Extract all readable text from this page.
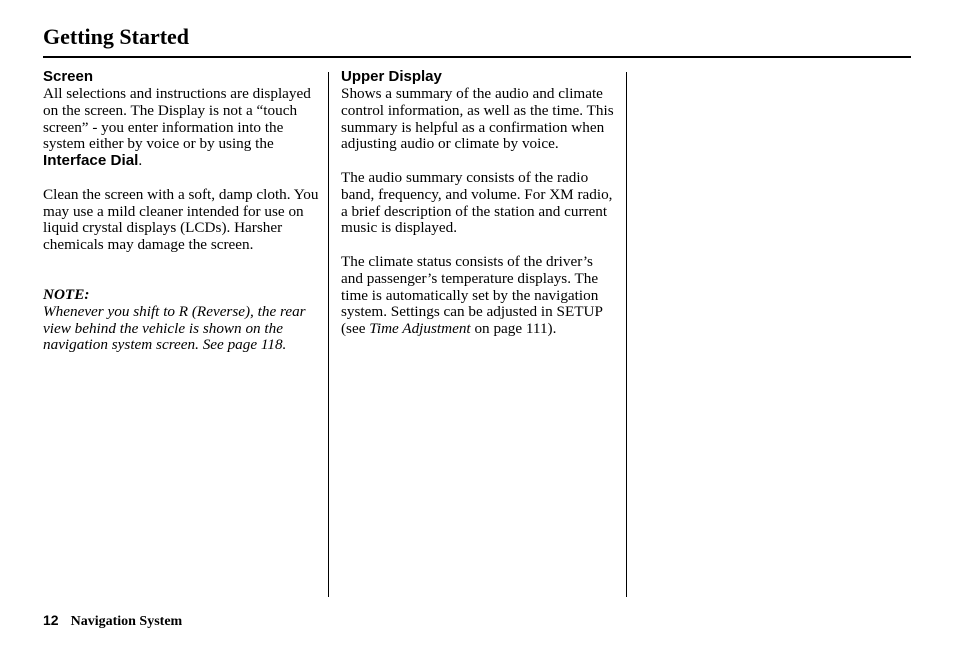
Getting Started
Screen

All selections and instructions are displayed on the screen. The Display is not a “touch screen” - you enter information into the system either by voice or by using the Interface Dial.

Clean the screen with a soft, damp cloth. You may use a mild cleaner intended for use on liquid crystal displays (LCDs). Harsher chemicals may damage the screen.

NOTE:
Whenever you shift to R (Reverse), the rear view behind the vehicle is shown on the navigation system screen. See page 118.

Upper Display

Shows a summary of the audio and climate control information, as well as the time. This summary is helpful as a confirmation when adjusting audio or climate by voice.

The audio summary consists of the radio band, frequency, and volume. For XM radio, a brief description of the station and current music is displayed.

The climate status consists of the driver’s and passenger’s temperature displays. The time is automatically set by the navigation system. Settings can be adjusted in SETUP (see Time Adjustment on page 111).

12 Navigation System
